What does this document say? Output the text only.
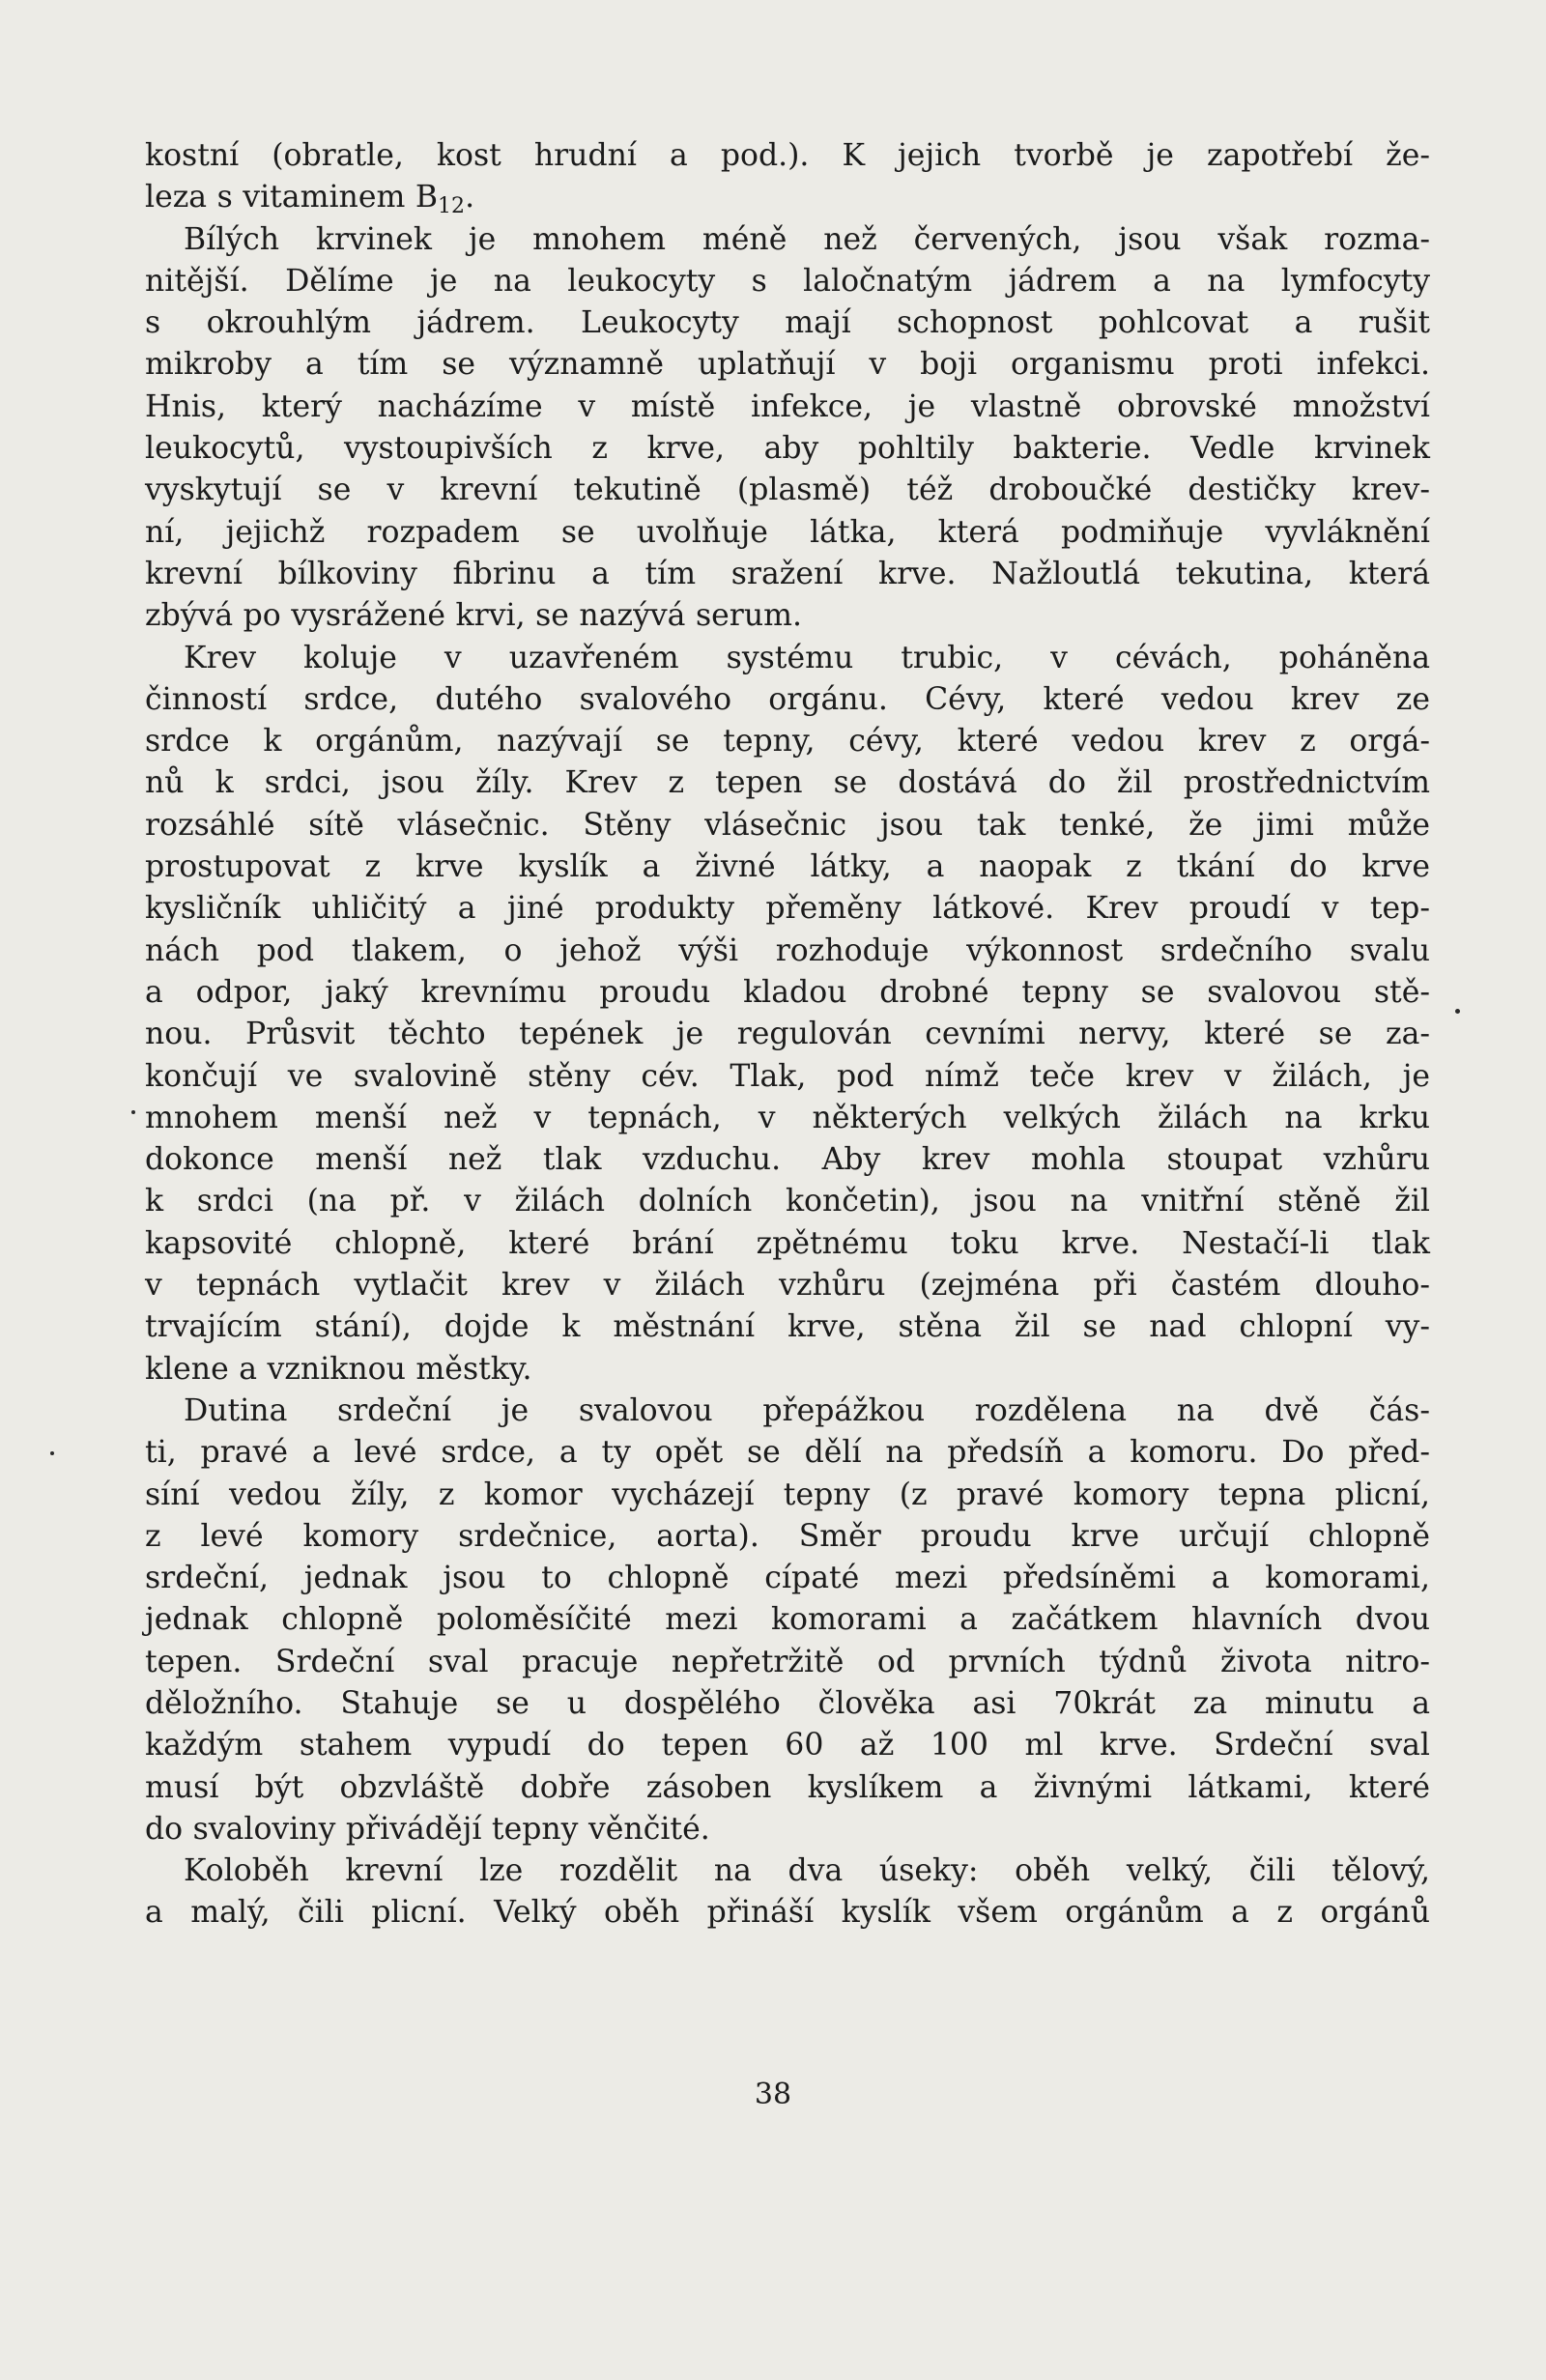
kostní (obratle, kost hrudní a pod.). K jejich tvorbě je zapotřebí že-
leza s vitaminem B12.
Bílých krvinek je mnohem méně než červených, jsou však rozma-
nitější. Dělíme je na leukocyty s laločnatým jádrem a na lymfocyty
s okrouhlým jádrem. Leukocyty mají schopnost pohlcovat a rušit
mikroby a tím se významně uplatňují v boji organismu proti infekci.
Hnis, který nacházíme v místě infekce, je vlastně obrovské množství
leukocytů, vystoupivších z krve, aby pohltily bakterie. Vedle krvinek
vyskytují se v krevní tekutině (plasmě) též droboučké destičky krev-
ní, jejichž rozpadem se uvolňuje látka, která podmiňuje vyvláknění
krevní bílkoviny fibrinu a tím sražení krve. Nažloutlá tekutina, která
zbývá po vysrážené krvi, se nazývá serum.
Krev koluje v uzavřeném systému trubic, v cévách, poháněna
činností srdce, dutého svalového orgánu. Cévy, které vedou krev ze
srdce k orgánům, nazývají se tepny, cévy, které vedou krev z orgá-
nů k srdci, jsou žíly. Krev z tepen se dostává do žil prostřednictvím
rozsáhlé sítě vlásečnic. Stěny vlásečnic jsou tak tenké, že jimi může
prostupovat z krve kyslík a živné látky, a naopak z tkání do krve
kysličník uhličitý a jiné produkty přeměny látkové. Krev proudí v tep-
nách pod tlakem, o jehož výši rozhoduje výkonnost srdečního svalu
a odpor, jaký krevnímu proudu kladou drobné tepny se svalovou stě-
nou. Průsvit těchto tepének je regulován cevními nervy, které se za-
končují ve svalovině stěny cév. Tlak, pod nímž teče krev v žilách, je
mnohem menší než v tepnách, v některých velkých žilách na krku
dokonce menší než tlak vzduchu. Aby krev mohla stoupat vzhůru
k srdci (na př. v žilách dolních končetin), jsou na vnitřní stěně žil
kapsovité chlopně, které brání zpětnému toku krve. Nestačí-li tlak
v tepnách vytlačit krev v žilách vzhůru (zejména při častém dlouho-
trvajícím stání), dojde k městnání krve, stěna žil se nad chlopní vy-
klene a vzniknou městky.
Dutina srdeční je svalovou přepážkou rozdělena na dvě čás-
ti, pravé a levé srdce, a ty opět se dělí na předsíň a komoru. Do před-
síní vedou žíly, z komor vycházejí tepny (z pravé komory tepna plicní,
z levé komory srdečnice, aorta). Směr proudu krve určují chlopně
srdeční, jednak jsou to chlopně cípaté mezi předsíněmi a komorami,
jednak chlopně poloměsíčité mezi komorami a začátkem hlavních dvou
tepen. Srdeční sval pracuje nepřetržitě od prvních týdnů života nitro-
děložního. Stahuje se u dospělého člověka asi 70krát za minutu a
každým stahem vypudí do tepen 60 až 100 ml krve. Srdeční sval
musí být obzvláště dobře zásoben kyslíkem a živnými látkami, které
do svaloviny přivádějí tepny věnčité.
Koloběh krevní lze rozdělit na dva úseky: oběh velký, čili tělový,
a malý, čili plicní. Velký oběh přináší kyslík všem orgánům a z orgánů
38
